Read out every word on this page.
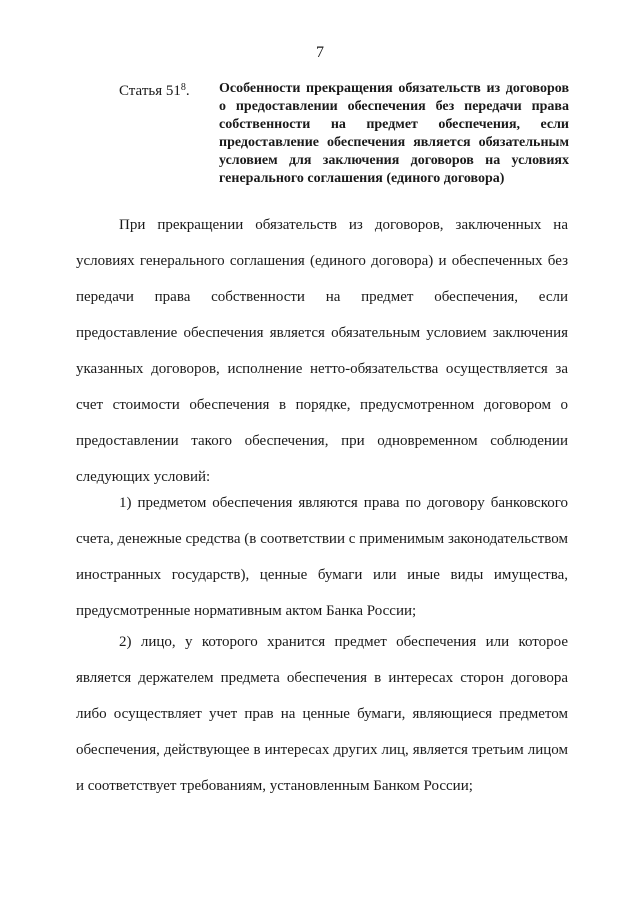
7
Статья $51^8$. Особенности прекращения обязательств из договоров о предоставлении обеспечения без передачи права собственности на предмет обеспечения, если предоставление обеспечения является обязательным условием для заключения договоров на условиях генерального соглашения (единого договора)

При прекращении обязательств из договоров, заключенных на условиях генерального соглашения (единого договора) и обеспеченных без передачи права собственности на предмет обеспечения, если предоставление обеспечения является обязательным условием заключения указанных договоров, исполнение нетто-обязательства осуществляется за счет стоимости обеспечения в порядке, предусмотренном договором о предоставлении такого обеспечения, при одновременном соблюдении следующих условий:

1) предметом обеспечения являются права по договору банковского счета, денежные средства (в соответствии с применимым законодательством иностранных государств), ценные бумаги или иные виды имущества, предусмотренные нормативным актом Банка России;

2) лицо, у которого хранится предмет обеспечения или которое является держателем предмета обеспечения в интересах сторон договора либо осуществляет учет прав на ценные бумаги, являющиеся предметом обеспечения, действующее в интересах других лиц, является третьим лицом и соответствует требованиям, установленным Банком России;
